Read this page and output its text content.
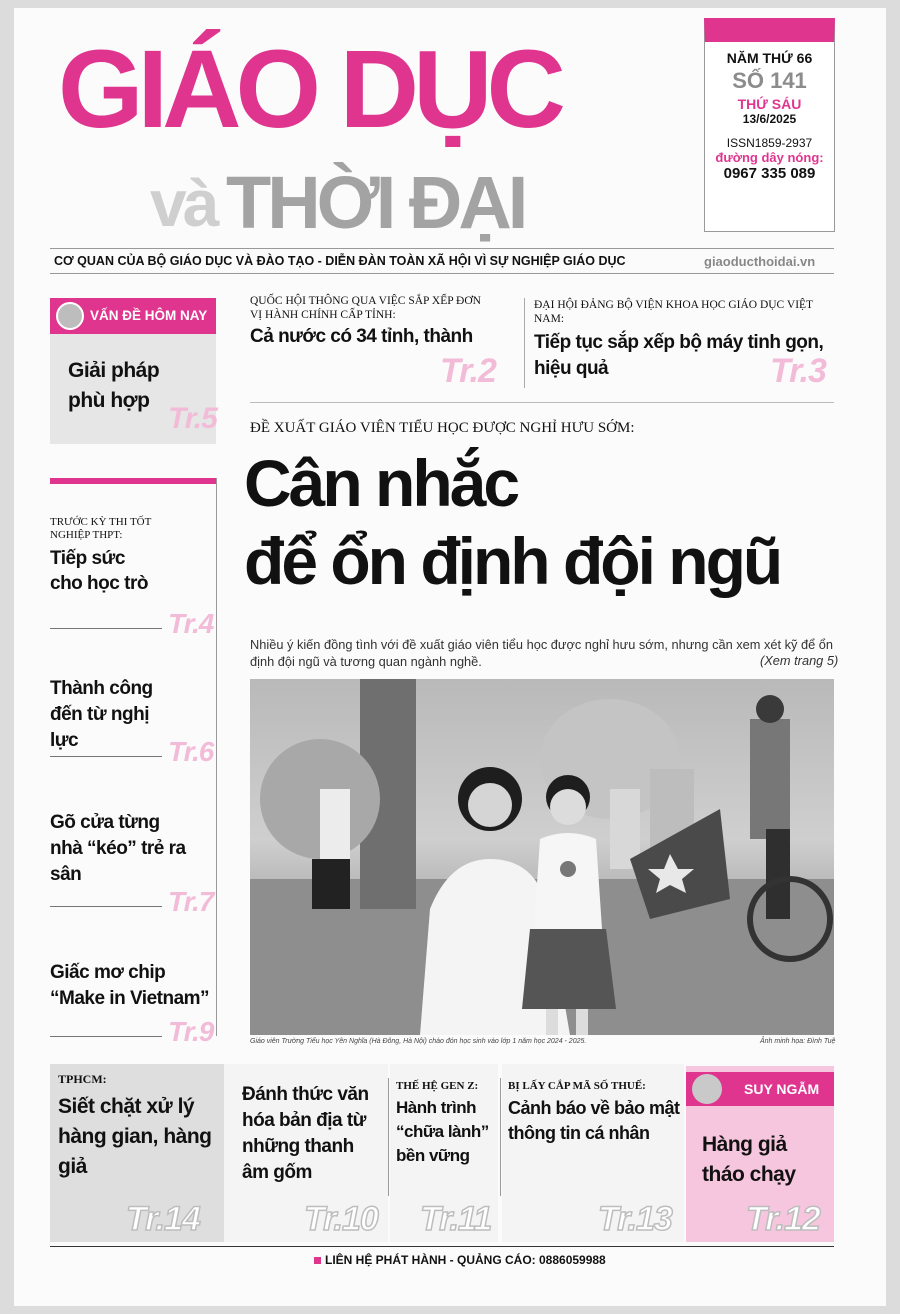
GIÁO DỤC
và THỜI ĐẠI
NĂM THỨ 66
SỐ 141
THỨ SÁU
13/6/2025
ISSN1859-2937
đường dây nóng:
0967 335 089
CƠ QUAN CỦA BỘ GIÁO DỤC VÀ ĐÀO TẠO - DIỄN ĐÀN TOÀN XÃ HỘI VÌ SỰ NGHIỆP GIÁO DỤC	giaoducthoidai.vn
VẤN ĐỀ HÔM NAY
Giải pháp phù hợp
Tr.5
QUỐC HỘI THÔNG QUA VIỆC SẮP XẾP ĐƠN VỊ HÀNH CHÍNH CẤP TỈNH:
Cả nước có 34 tỉnh, thành
Tr.2
ĐẠI HỘI ĐẢNG BỘ VIỆN KHOA HỌC GIÁO DỤC VIỆT NAM:
Tiếp tục sắp xếp bộ máy tinh gọn, hiệu quả	Tr.3
TRƯỚC KỲ THI TỐT NGHIỆP THPT:
Tiếp sức cho học trò
Tr.4
Thành công đến từ nghị lực	Tr.6
Gõ cửa từng nhà “kéo” trẻ ra sân
Tr.7
Giấc mơ chip “Make in Vietnam”
Tr.9
ĐỀ XUẤT GIÁO VIÊN TIỂU HỌC ĐƯỢC NGHỈ HƯU SỚM:
Cân nhắc
để ổn định đội ngũ
Nhiều ý kiến đồng tình với đề xuất giáo viên tiểu học được nghỉ hưu sớm, nhưng cần xem xét kỹ để ổn định đội ngũ và tương quan ngành nghề.	(Xem trang 5)
Giáo viên Trường Tiểu học Yên Nghĩa (Hà Đông, Hà Nội) chào đón học sinh vào lớp 1 năm học 2024 - 2025.	Ảnh minh họa: Đình Tuệ
TPHCM:
Siết chặt xử lý hàng gian, hàng giả
Tr.14
Đánh thức văn hóa bản địa từ những thanh âm gốm
Tr.10
THẾ HỆ GEN Z:
Hành trình “chữa lành” bền vững
Tr.11
BỊ LẤY CẮP MÃ SỐ THUẾ:
Cảnh báo về bảo mật thông tin cá nhân
Tr.13
SUY NGẪM
Hàng giả tháo chạy
Tr.12
LIÊN HỆ PHÁT HÀNH - QUẢNG CÁO: 0886059988
